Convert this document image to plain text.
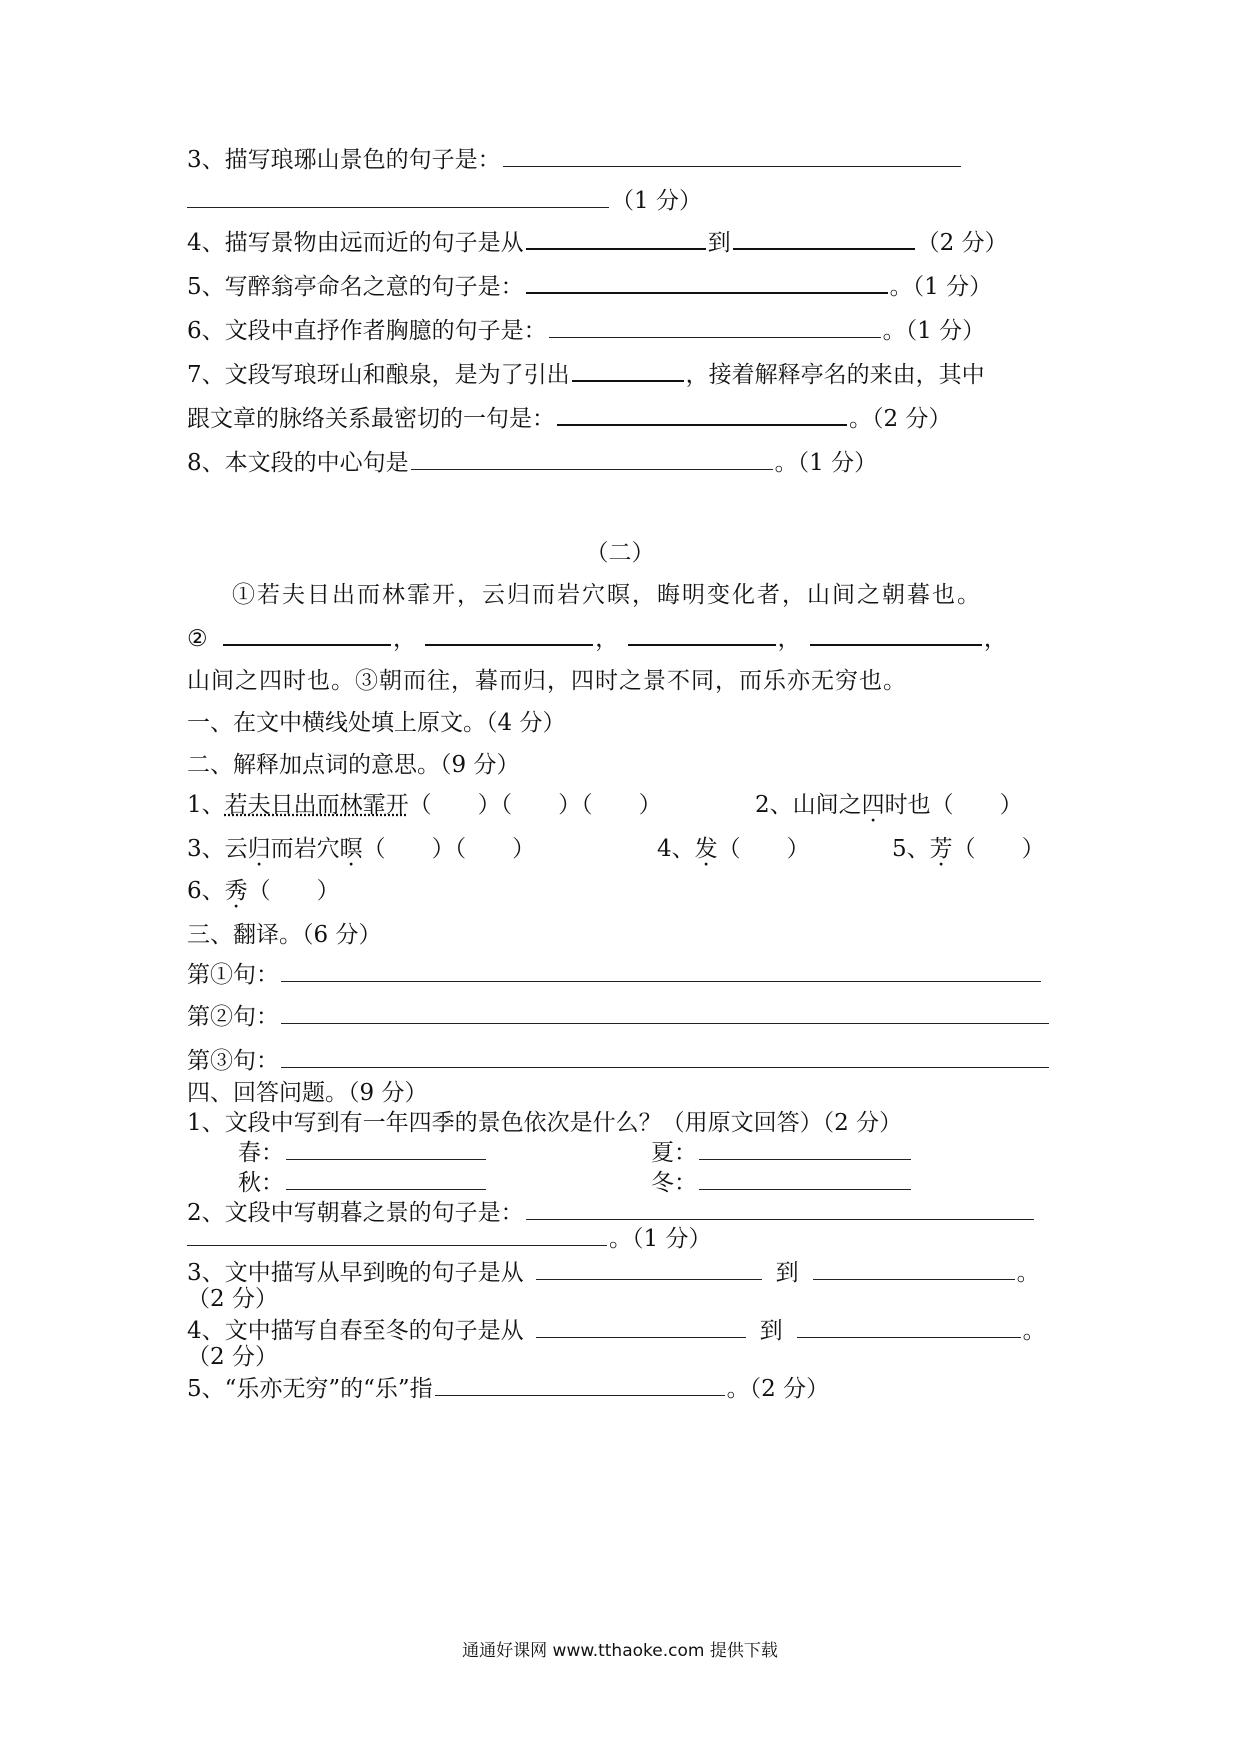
3、描写琅琊山景色的句子是：
（1 分）
4、描写景物由远而近的句子是从	到	（2 分）
5、写醉翁亭命名之意的句子是：	。（1 分）
6、文段中直抒作者胸臆的句子是：	。（1 分）
7、文段写琅玡山和酿泉，是为了引出	，接着解释亭名的来由，其中
跟文章的脉络关系最密切的一句是：	。（2 分）
8、本文段的中心句是	。（1 分）
（二）
①若夫日出而林霏开，云归而岩穴暝，晦明变化者，山间之朝暮也。
②	，	，	，	，
山间之四时也。③朝而往，暮而归，四时之景不同，而乐亦无穷也。
一、在文中横线处填上原文。（4 分）
二、解释加点词的意思。（9 分）
1、若夫日出而林霏开（　　）（　　）（　　）	2、山间之四时也（　　）
3、云归而岩穴暝（　　）（　　）	4、发（　　）	5、芳（　　）
6、秀（　　）
三、翻译。（6 分）
第①句：
第②句：
第③句：
四、回答问题。（9 分）
1、文段中写到有一年四季的景色依次是什么？（用原文回答）（2 分）
春：	夏：
秋：	冬：
2、文段中写朝暮之景的句子是：
。（1 分）
3、文中描写从早到晚的句子是从	到	。
（2 分）
4、文中描写自春至冬的句子是从	到	。
（2 分）
5、“乐亦无穷”的“乐”指	。（2 分）
通通好课网 www.tthaoke.com 提供下载
